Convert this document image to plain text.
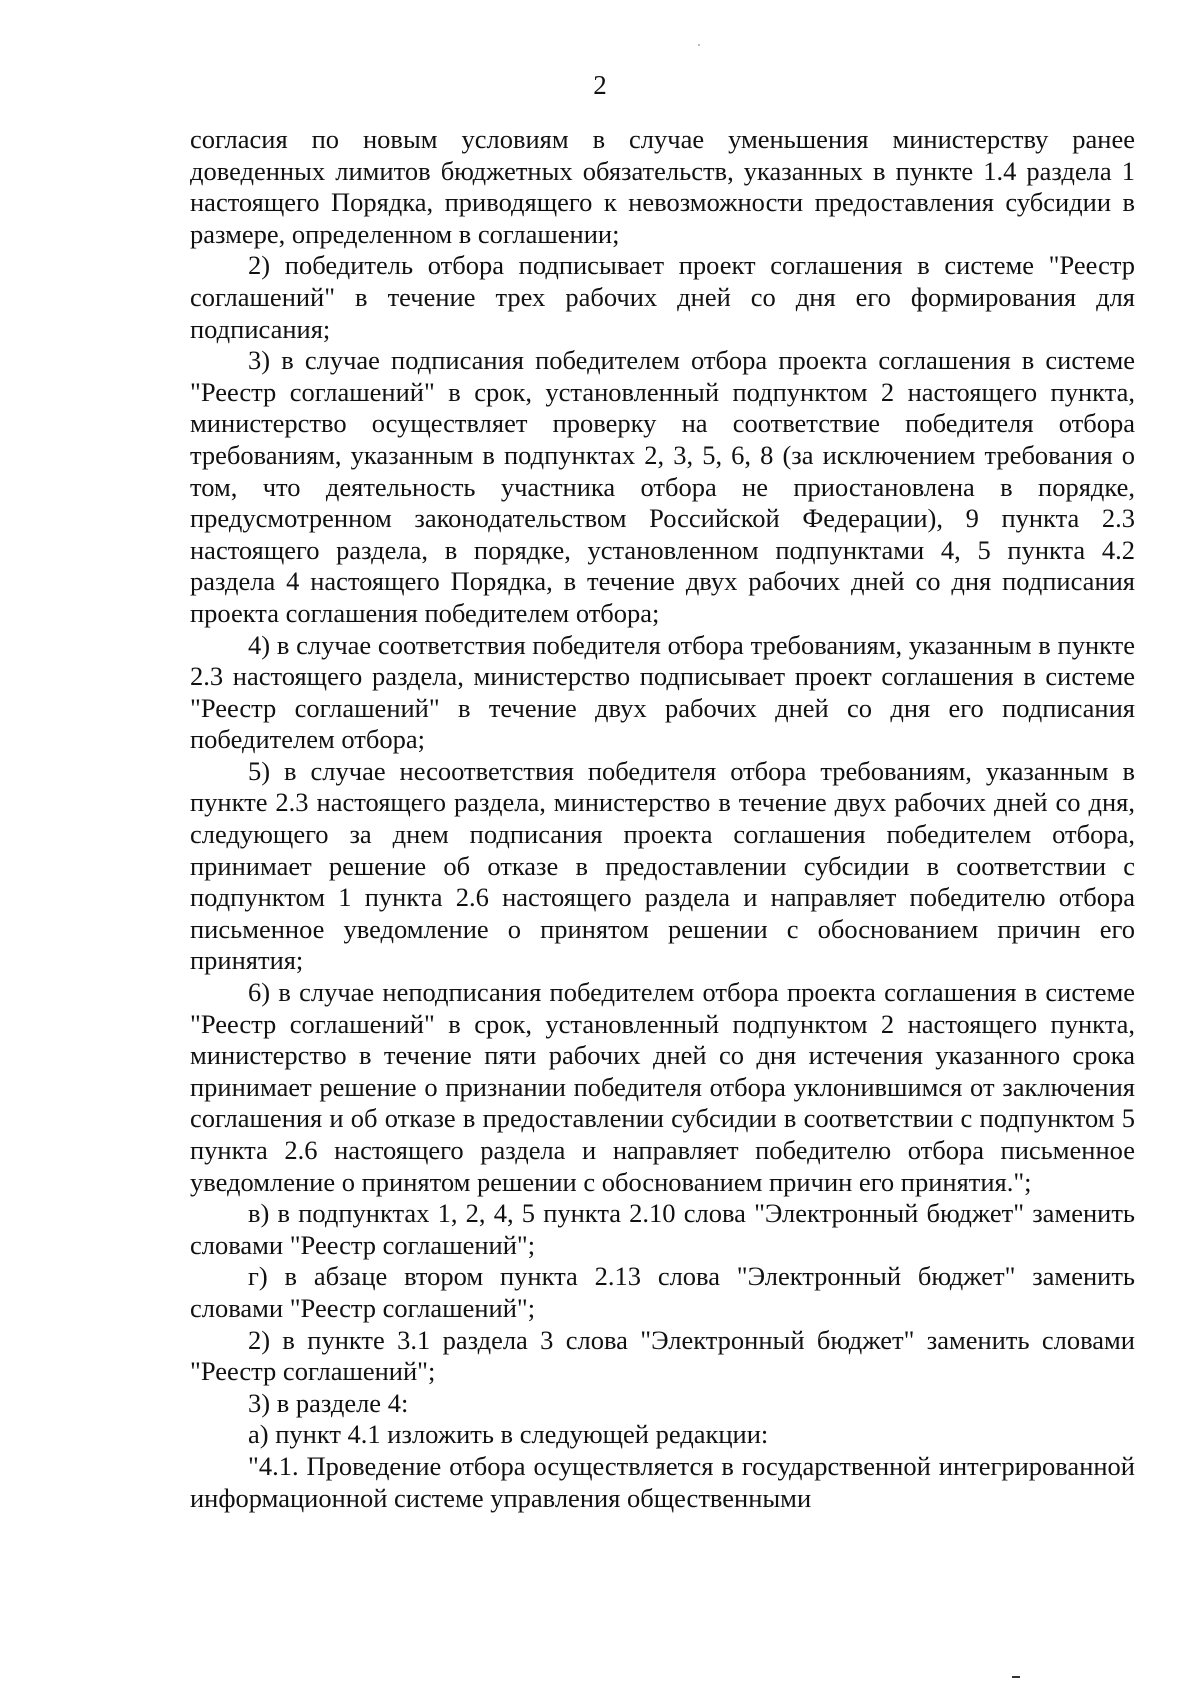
2

согласия по новым условиям в случае уменьшения министерству ранее доведенных лимитов бюджетных обязательств, указанных в пункте 1.4 раздела 1 настоящего Порядка, приводящего к невозможности предоставления субсидии в размере, определенном в соглашении;

2) победитель отбора подписывает проект соглашения в системе "Реестр соглашений" в течение трех рабочих дней со дня его формирования для подписания;

3) в случае подписания победителем отбора проекта соглашения в системе "Реестр соглашений" в срок, установленный подпунктом 2 настоящего пункта, министерство осуществляет проверку на соответствие победителя отбора требованиям, указанным в подпунктах 2, 3, 5, 6, 8 (за исключением требования о том, что деятельность участника отбора не приостановлена в порядке, предусмотренном законодательством Российской Федерации), 9 пункта 2.3 настоящего раздела, в порядке, установленном подпунктами 4, 5 пункта 4.2 раздела 4 настоящего Порядка, в течение двух рабочих дней со дня подписания проекта соглашения победителем отбора;

4) в случае соответствия победителя отбора требованиям, указанным в пункте 2.3 настоящего раздела, министерство подписывает проект соглашения в системе "Реестр соглашений" в течение двух рабочих дней со дня его подписания победителем отбора;

5) в случае несоответствия победителя отбора требованиям, указанным в пункте 2.3 настоящего раздела, министерство в течение двух рабочих дней со дня, следующего за днем подписания проекта соглашения победителем отбора, принимает решение об отказе в предоставлении субсидии в соответствии с подпунктом 1 пункта 2.6 настоящего раздела и направляет победителю отбора письменное уведомление о принятом решении с обоснованием причин его принятия;

6) в случае неподписания победителем отбора проекта соглашения в системе "Реестр соглашений" в срок, установленный подпунктом 2 настоящего пункта, министерство в течение пяти рабочих дней со дня истечения указанного срока принимает решение о признании победителя отбора уклонившимся от заключения соглашения и об отказе в предоставлении субсидии в соответствии с подпунктом 5 пункта 2.6 настоящего раздела и направляет победителю отбора письменное уведомление о принятом решении с обоснованием причин его принятия.";

в) в подпунктах 1, 2, 4, 5 пункта 2.10 слова "Электронный бюджет" заменить словами "Реестр соглашений";

г) в абзаце втором пункта 2.13 слова "Электронный бюджет" заменить словами "Реестр соглашений";

2) в пункте 3.1 раздела 3 слова "Электронный бюджет" заменить словами "Реестр соглашений";

3) в разделе 4:

а) пункт 4.1 изложить в следующей редакции:

"4.1. Проведение отбора осуществляется в государственной интегрированной информационной системе управления общественными
